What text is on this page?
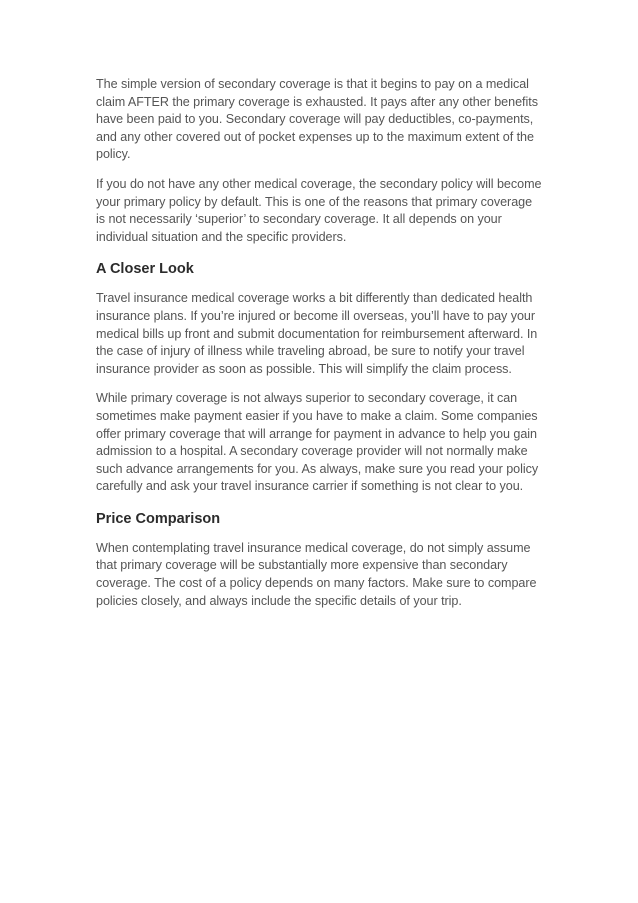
The simple version of secondary coverage is that it begins to pay on a medical claim AFTER the primary coverage is exhausted. It pays after any other benefits have been paid to you. Secondary coverage will pay deductibles, co-payments, and any other covered out of pocket expenses up to the maximum extent of the policy.

If you do not have any other medical coverage, the secondary policy will become your primary policy by default. This is one of the reasons that primary coverage is not necessarily ‘superior’ to secondary coverage. It all depends on your individual situation and the specific providers.

A Closer Look

Travel insurance medical coverage works a bit differently than dedicated health insurance plans. If you’re injured or become ill overseas, you’ll have to pay your medical bills up front and submit documentation for reimbursement afterward. In the case of injury of illness while traveling abroad, be sure to notify your travel insurance provider as soon as possible. This will simplify the claim process.

While primary coverage is not always superior to secondary coverage, it can sometimes make payment easier if you have to make a claim. Some companies offer primary coverage that will arrange for payment in advance to help you gain admission to a hospital. A secondary coverage provider will not normally make such advance arrangements for you. As always, make sure you read your policy carefully and ask your travel insurance carrier if something is not clear to you.

Price Comparison

When contemplating travel insurance medical coverage, do not simply assume that primary coverage will be substantially more expensive than secondary coverage. The cost of a policy depends on many factors. Make sure to compare policies closely, and always include the specific details of your trip.
